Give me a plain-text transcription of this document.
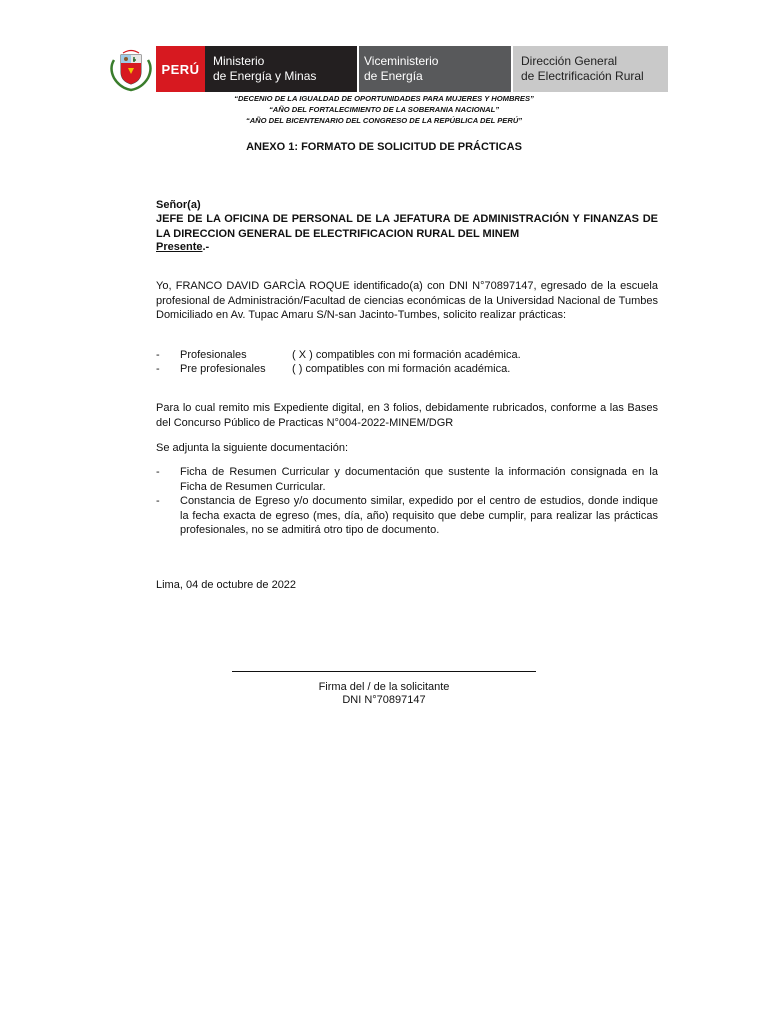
PERÚ
Ministerio
de Energía y Minas
Viceministerio
de Energía
Dirección General
de Electrificación Rural
“DECENIO DE LA IGUALDAD DE OPORTUNIDADES PARA MUJERES Y HOMBRES”
“AÑO DEL FORTALECIMIENTO DE LA SOBERANIA NACIONAL”
“AÑO DEL BICENTENARIO DEL CONGRESO DE LA REPÚBLICA DEL PERÚ”
ANEXO 1: FORMATO DE SOLICITUD DE PRÁCTICAS
Señor(a)
JEFE DE LA OFICINA DE PERSONAL DE LA JEFATURA DE ADMINISTRACIÓN Y FINANZAS DE LA DIRECCION GENERAL DE ELECTRIFICACION RURAL DEL MINEM
Presente.-
Yo, FRANCO DAVID GARCÌA ROQUE identificado(a) con DNI N°70897147, egresado de la escuela profesional de Administración/Facultad de ciencias económicas de la Universidad Nacional de Tumbes Domiciliado en Av. Tupac Amaru S/N-san Jacinto-Tumbes, solicito realizar prácticas:
- Profesionales	( X ) compatibles con mi formación académica.
- Pre profesionales ( ) compatibles con mi formación académica.
Para lo cual remito mis Expediente digital, en 3 folios, debidamente rubricados, conforme a las Bases del Concurso Público de Practicas N°004-2022-MINEM/DGR
Se adjunta la siguiente documentación:
- Ficha de Resumen Curricular y documentación que sustente la información consignada en la Ficha de Resumen Curricular.
- Constancia de Egreso y/o documento similar, expedido por el centro de estudios, donde indique la fecha exacta de egreso (mes, día, año) requisito que debe cumplir, para realizar las prácticas profesionales, no se admitirá otro tipo de documento.
Lima, 04 de octubre de 2022
Firma del / de la solicitante
DNI N°70897147
